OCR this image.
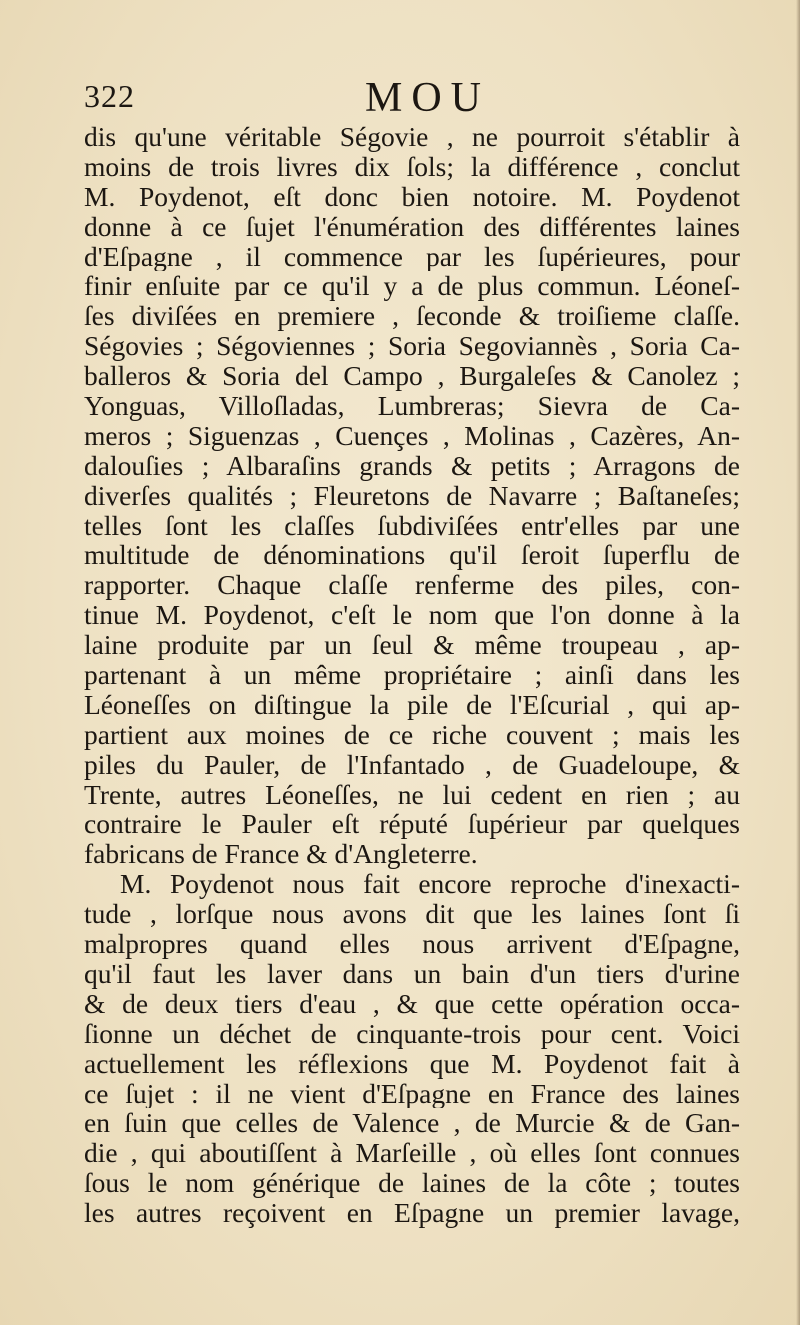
322	MOU
dis qu'une véritable Ségovie , ne pourroit s'établir à
moins de trois livres dix ſols; la différence , conclut
M. Poydenot, eſt donc bien notoire. M. Poydenot
donne à ce ſujet l'énumération des différentes laines
d'Eſpagne , il commence par les ſupérieures, pour
finir enſuite par ce qu'il y a de plus commun. Léoneſ-
ſes diviſées en premiere , ſeconde & troiſieme claſſe.
Ségovies ; Ségoviennes ; Soria Segoviannès , Soria Ca-
balleros & Soria del Campo , Burgaleſes & Canolez ;
Yonguas, Villoſladas, Lumbreras; Sievra de Ca-
meros ; Siguenzas , Cuençes , Molinas , Cazères, An-
dalouſies ; Albaraſins grands & petits ; Arragons de
diverſes qualités ; Fleuretons de Navarre ; Baſtaneſes;
telles ſont les claſſes ſubdiviſées entr'elles par une
multitude de dénominations qu'il ſeroit ſuperflu de
rapporter. Chaque claſſe renferme des piles, con-
tinue M. Poydenot, c'eſt le nom que l'on donne à la
laine produite par un ſeul & même troupeau , ap-
partenant à un même propriétaire ; ainſi dans les
Léoneſſes on diſtingue la pile de l'Eſcurial , qui ap-
partient aux moines de ce riche couvent ; mais les
piles du Pauler, de l'Infantado , de Guadeloupe, &
Trente, autres Léoneſſes, ne lui cedent en rien ; au
contraire le Pauler eſt réputé ſupérieur par quelques
fabricans de France & d'Angleterre.
M. Poydenot nous fait encore reproche d'inexacti-
tude , lorſque nous avons dit que les laines ſont ſi
malpropres quand elles nous arrivent d'Eſpagne,
qu'il faut les laver dans un bain d'un tiers d'urine
& de deux tiers d'eau , & que cette opération occa-
ſionne un déchet de cinquante-trois pour cent. Voici
actuellement les réflexions que M. Poydenot fait à
ce ſujet : il ne vient d'Eſpagne en France des laines
en ſuin que celles de Valence , de Murcie & de Gan-
die , qui aboutiſſent à Marſeille , où elles ſont connues
ſous le nom générique de laines de la côte ; toutes
les autres reçoivent en Eſpagne un premier lavage,
